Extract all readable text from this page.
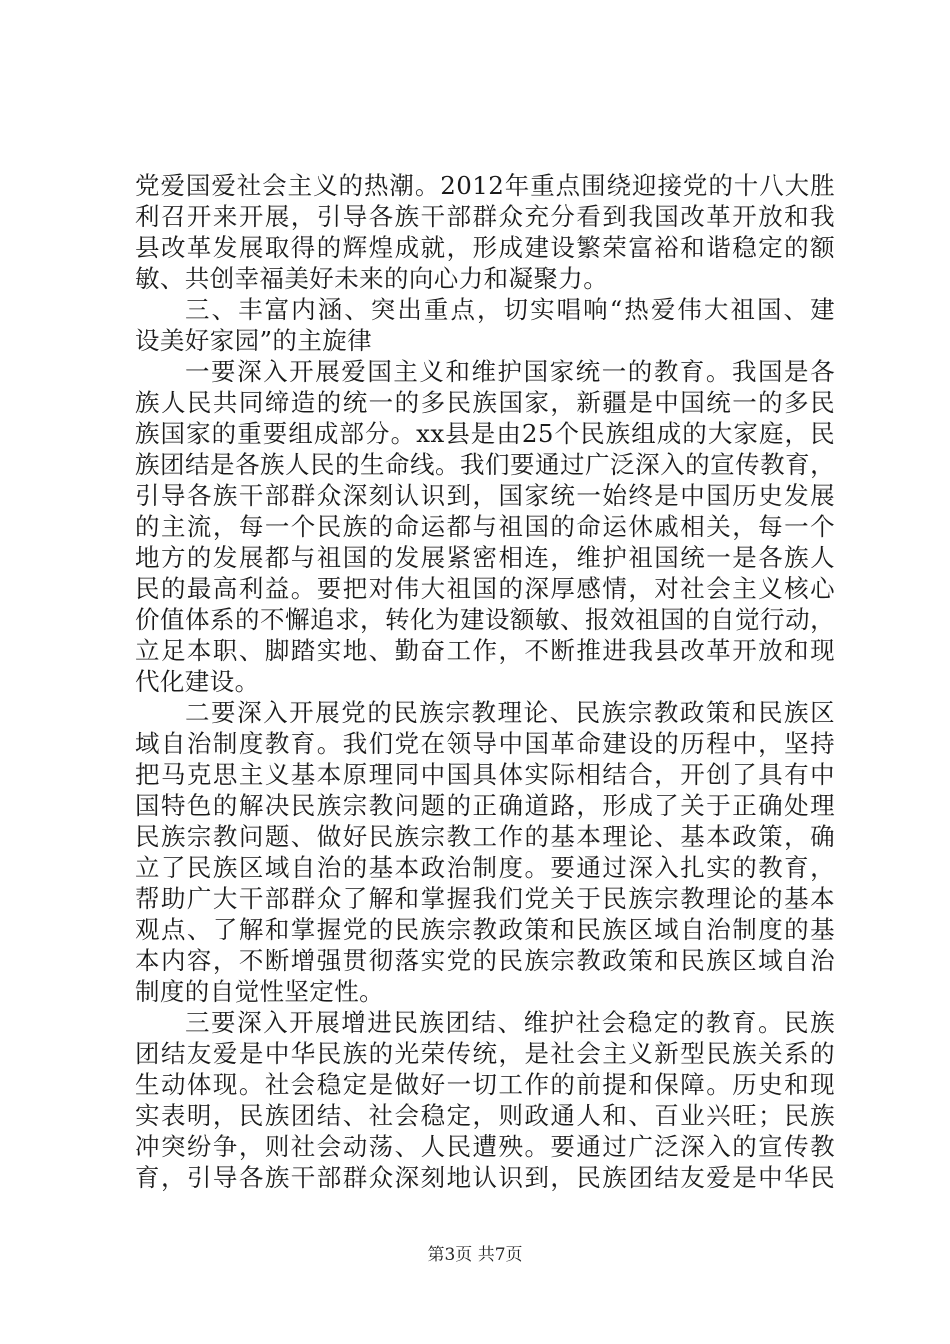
党爱国爱社会主义的热潮。2012年重点围绕迎接党的十八大胜
利召开来开展，引导各族干部群众充分看到我国改革开放和我
县改革发展取得的辉煌成就，形成建设繁荣富裕和谐稳定的额
敏、共创幸福美好未来的向心力和凝聚力。
三、丰富内涵、突出重点，切实唱响“热爱伟大祖国、建
设美好家园”的主旋律
一要深入开展爱国主义和维护国家统一的教育。我国是各
族人民共同缔造的统一的多民族国家，新疆是中国统一的多民
族国家的重要组成部分。xx县是由25个民族组成的大家庭，民
族团结是各族人民的生命线。我们要通过广泛深入的宣传教育，
引导各族干部群众深刻认识到，国家统一始终是中国历史发展
的主流，每一个民族的命运都与祖国的命运休戚相关，每一个
地方的发展都与祖国的发展紧密相连，维护祖国统一是各族人
民的最高利益。要把对伟大祖国的深厚感情，对社会主义核心
价值体系的不懈追求，转化为建设额敏、报效祖国的自觉行动，
立足本职、脚踏实地、勤奋工作，不断推进我县改革开放和现
代化建设。
二要深入开展党的民族宗教理论、民族宗教政策和民族区
域自治制度教育。我们党在领导中国革命建设的历程中，坚持
把马克思主义基本原理同中国具体实际相结合，开创了具有中
国特色的解决民族宗教问题的正确道路，形成了关于正确处理
民族宗教问题、做好民族宗教工作的基本理论、基本政策，确
立了民族区域自治的基本政治制度。要通过深入扎实的教育，
帮助广大干部群众了解和掌握我们党关于民族宗教理论的基本
观点、了解和掌握党的民族宗教政策和民族区域自治制度的基
本内容，不断增强贯彻落实党的民族宗教政策和民族区域自治
制度的自觉性坚定性。
三要深入开展增进民族团结、维护社会稳定的教育。民族
团结友爱是中华民族的光荣传统，是社会主义新型民族关系的
生动体现。社会稳定是做好一切工作的前提和保障。历史和现
实表明，民族团结、社会稳定，则政通人和、百业兴旺；民族
冲突纷争，则社会动荡、人民遭殃。要通过广泛深入的宣传教
育，引导各族干部群众深刻地认识到，民族团结友爱是中华民
第3页 共7页
